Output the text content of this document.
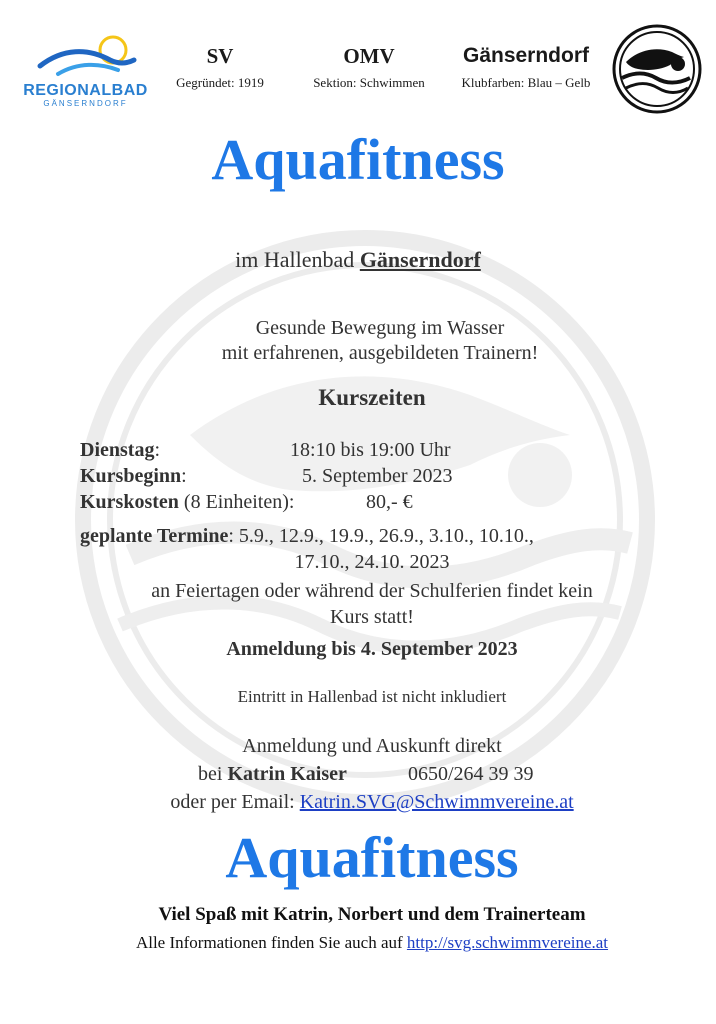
REGIONALBAD
GÄNSERNDORF
SV
Gegründet: 1919
OMV
Sektion: Schwimmen
Gänserndorf
Klubfarben: Blau – Gelb
Aquafitness
im Hallenbad Gänserndorf
Gesunde Bewegung im Wasser
mit erfahrenen, ausgebildeten Trainern!
Kurszeiten
Dienstag:	18:10 bis 19:00 Uhr
Kursbeginn:	5. September 2023
Kurskosten (8 Einheiten):	80,- €
geplante Termine: 5.9., 12.9., 19.9., 26.9., 3.10., 10.10.,
17.10., 24.10. 2023
an Feiertagen oder während der Schulferien findet kein
Kurs statt!
Anmeldung bis 4. September 2023
Eintritt in Hallenbad ist nicht inkludiert
Anmeldung und Auskunft direkt
bei Katrin Kaiser	0650/264 39 39
oder per Email: Katrin.SVG@Schwimmvereine.at
Aquafitness
Viel Spaß mit Katrin, Norbert und dem Trainerteam
Alle Informationen finden Sie auch auf http://svg.schwimmvereine.at
